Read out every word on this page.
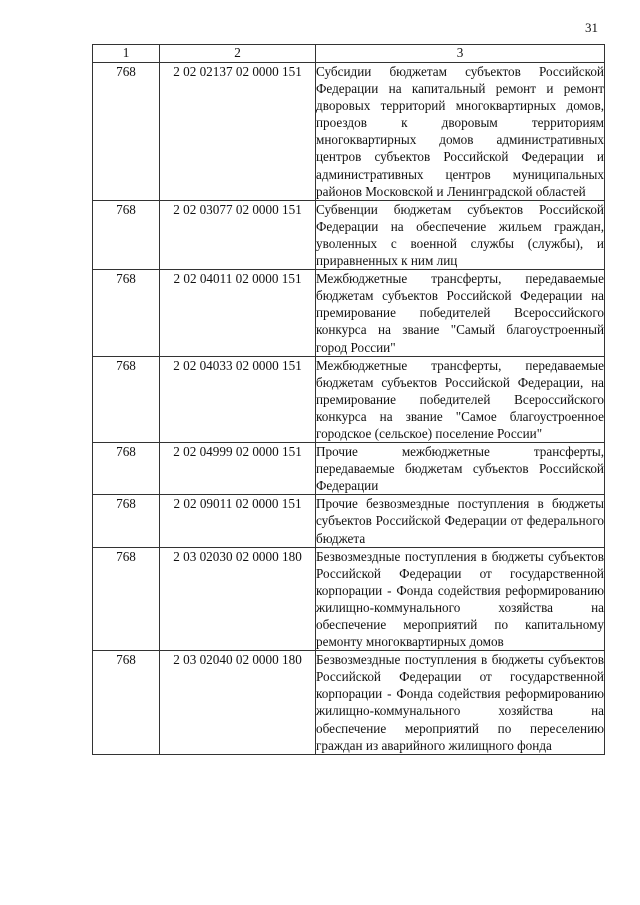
31
1	2	3
768	2 02 02137 02 0000 151	Субсидии бюджетам субъектов Российской Федерации на капитальный ремонт и ремонт дворовых территорий многоквартирных домов, проездов к дворовым территориям многоквартирных домов административных центров субъектов Российской Федерации и административных центров муниципальных районов Московской и Ленинградской областей
768	2 02 03077 02 0000 151	Субвенции бюджетам субъектов Российской Федерации на обеспечение жильем граждан, уволенных с военной службы (службы), и приравненных к ним лиц
768	2 02 04011 02 0000 151	Межбюджетные трансферты, передаваемые бюджетам субъектов Российской Федерации на премирование победителей Всероссийского конкурса на звание "Самый благоустроенный город России"
768	2 02 04033 02 0000 151	Межбюджетные трансферты, передаваемые бюджетам субъектов Российской Федерации, на премирование победителей Всероссийского конкурса на звание "Самое благоустроенное городское (сельское) поселение России"
768	2 02 04999 02 0000 151	Прочие межбюджетные трансферты, передаваемые бюджетам субъектов Российской Федерации
768	2 02 09011 02 0000 151	Прочие безвозмездные поступления в бюджеты субъектов Российской Федерации от федерального бюджета
768	2 03 02030 02 0000 180	Безвозмездные поступления в бюджеты субъектов Российской Федерации от государственной корпорации - Фонда содействия реформированию жилищно-коммунального хозяйства на обеспечение мероприятий по капитальному ремонту многоквартирных домов
768	2 03 02040 02 0000 180	Безвозмездные поступления в бюджеты субъектов Российской Федерации от государственной корпорации - Фонда содействия реформированию жилищно-коммунального хозяйства на обеспечение мероприятий по переселению граждан из аварийного жилищного фонда
